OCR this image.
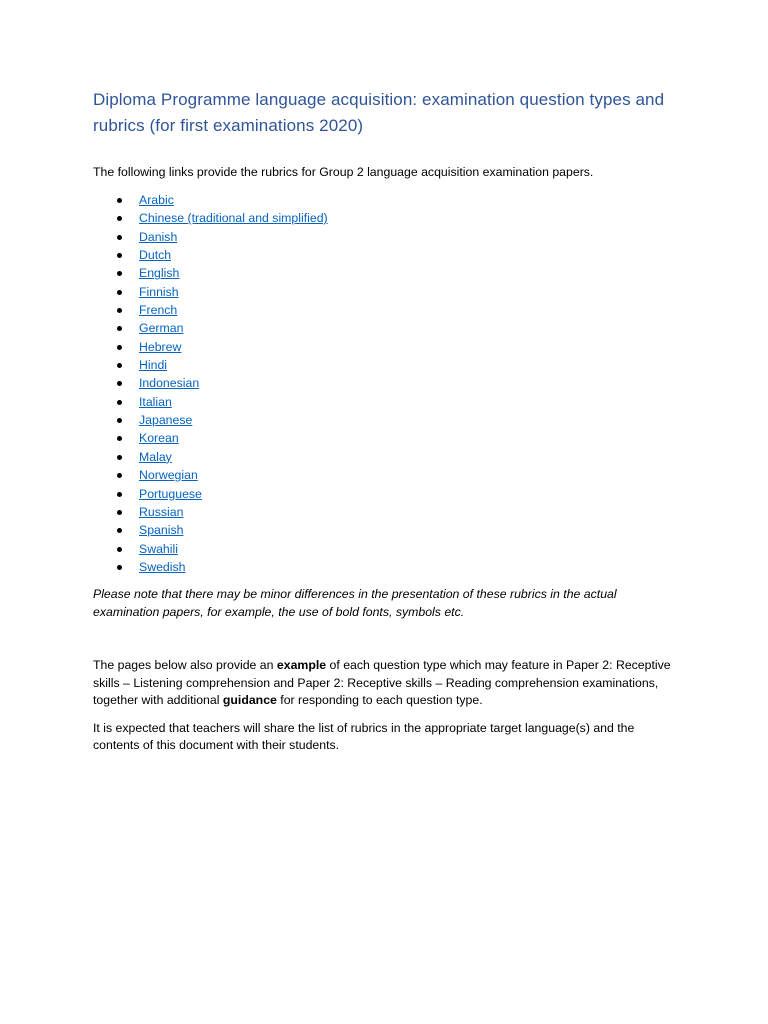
Diploma Programme language acquisition: examination question types and rubrics (for first examinations 2020)

The following links provide the rubrics for Group 2 language acquisition examination papers.

Arabic
Chinese (traditional and simplified)
Danish
Dutch
English
Finnish
French
German
Hebrew
Hindi
Indonesian
Italian
Japanese
Korean
Malay
Norwegian
Portuguese
Russian
Spanish
Swahili
Swedish

Please note that there may be minor differences in the presentation of these rubrics in the actual examination papers, for example, the use of bold fonts, symbols etc.

The pages below also provide an example of each question type which may feature in Paper 2: Receptive skills – Listening comprehension and Paper 2: Receptive skills – Reading comprehension examinations, together with additional guidance for responding to each question type.

It is expected that teachers will share the list of rubrics in the appropriate target language(s) and the contents of this document with their students.
